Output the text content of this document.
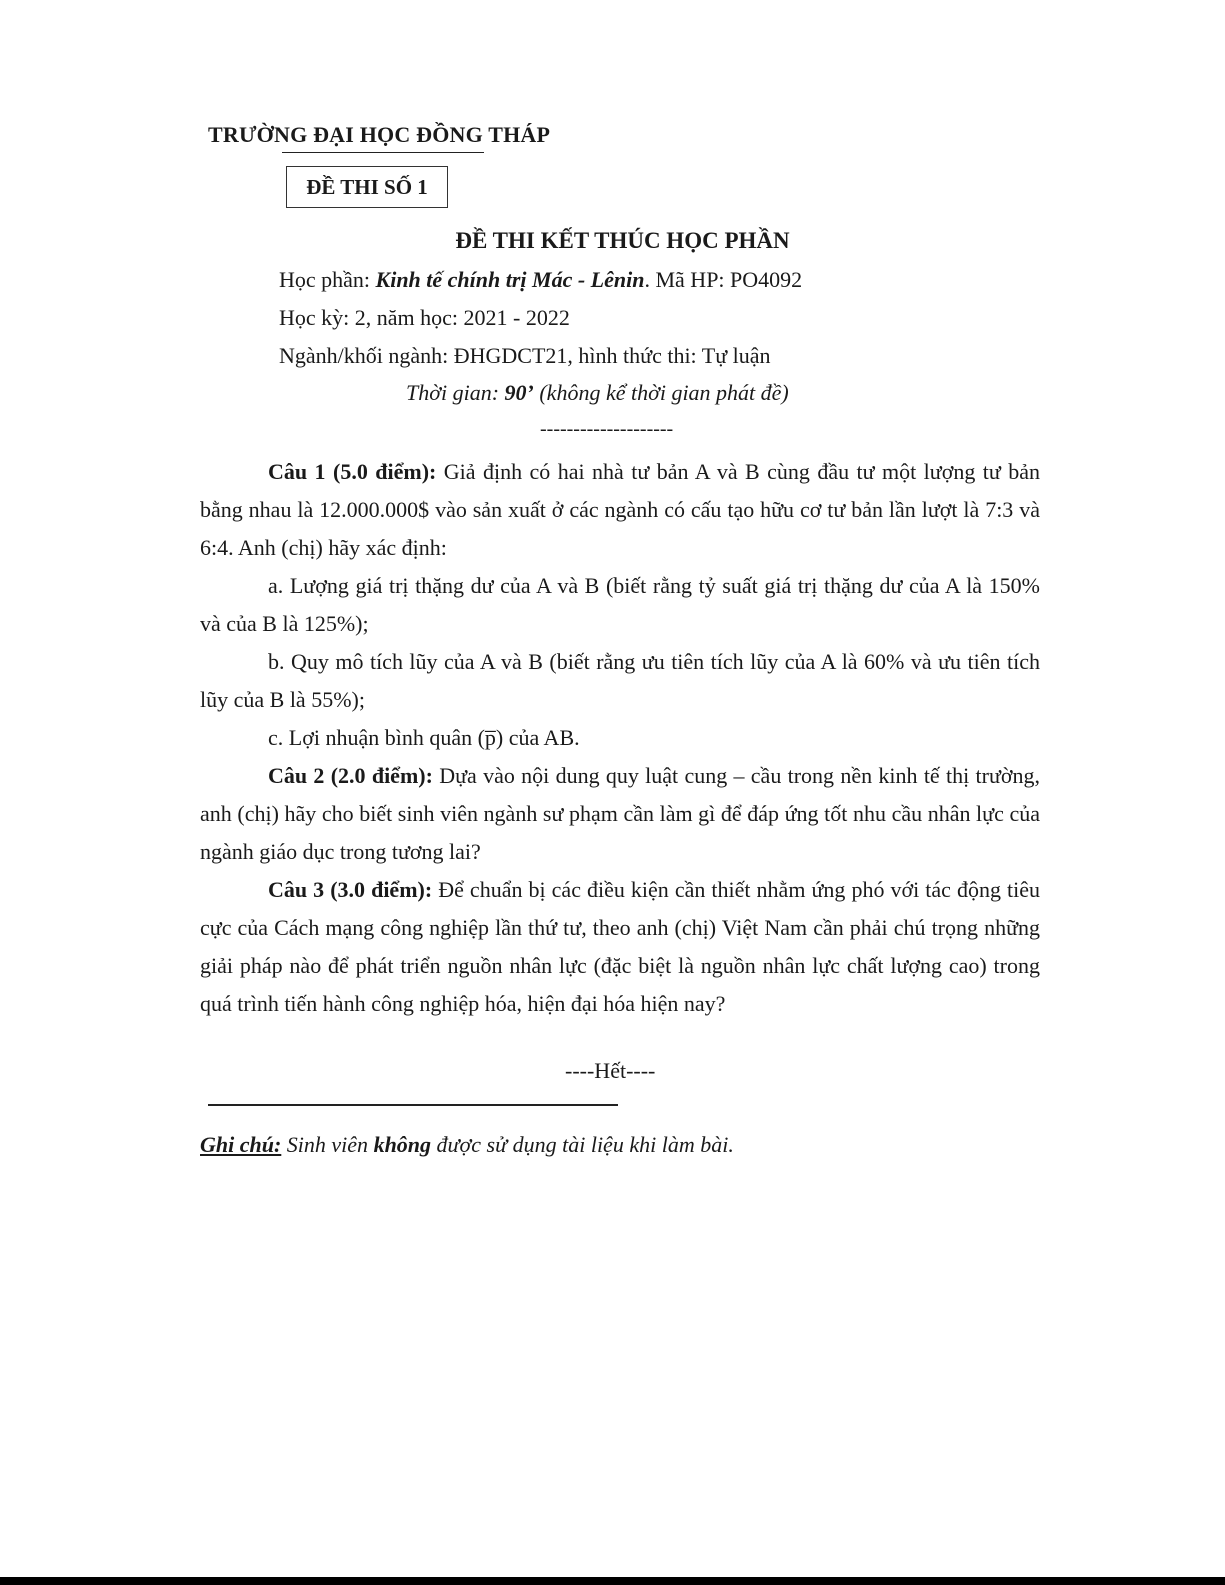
TRƯỜNG ĐẠI HỌC ĐỒNG THÁP
ĐỀ THI SỐ 1
ĐỀ THI KẾT THÚC HỌC PHẦN
Học phần: Kinh tế chính trị Mác - Lênin. Mã HP: PO4092
Học kỳ: 2, năm học: 2021 - 2022
Ngành/khối ngành: ĐHGDCT21, hình thức thi: Tự luận
Thời gian: 90’ (không kể thời gian phát đề)
--------------------

Câu 1 (5.0 điểm): Giả định có hai nhà tư bản A và B cùng đầu tư một lượng tư bản bằng nhau là 12.000.000$ vào sản xuất ở các ngành có cấu tạo hữu cơ tư bản lần lượt là 7:3 và 6:4. Anh (chị) hãy xác định:

a. Lượng giá trị thặng dư của A và B (biết rằng tỷ suất giá trị thặng dư của A là 150% và của B là 125%);

b. Quy mô tích lũy của A và B (biết rằng ưu tiên tích lũy của A là 60% và ưu tiên tích lũy của B là 55%);

c. Lợi nhuận bình quân (p̅) của AB.

Câu 2 (2.0 điểm): Dựa vào nội dung quy luật cung – cầu trong nền kinh tế thị trường, anh (chị) hãy cho biết sinh viên ngành sư phạm cần làm gì để đáp ứng tốt nhu cầu nhân lực của ngành giáo dục trong tương lai?

Câu 3 (3.0 điểm): Để chuẩn bị các điều kiện cần thiết nhằm ứng phó với tác động tiêu cực của Cách mạng công nghiệp lần thứ tư, theo anh (chị) Việt Nam cần phải chú trọng những giải pháp nào để phát triển nguồn nhân lực (đặc biệt là nguồn nhân lực chất lượng cao) trong quá trình tiến hành công nghiệp hóa, hiện đại hóa hiện nay?

----Hết----
Ghi chú: Sinh viên không được sử dụng tài liệu khi làm bài.
